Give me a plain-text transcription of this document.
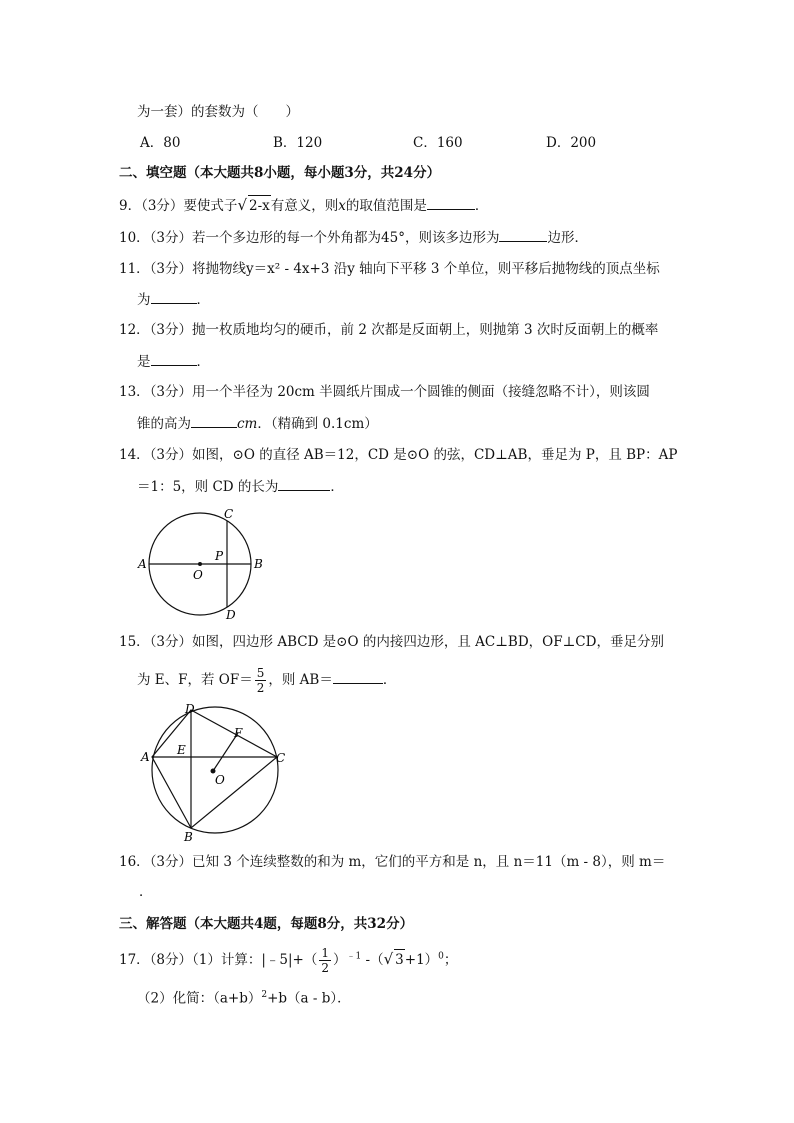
为一套）的套数为（　　）
A．80	B．120	C．160	D．200
二、填空题（本大题共8小题，每小题3分，共24分）
9．（3分）要使式子√ 2-x有意义，则x的取值范围是	．
10．（3分）若一个多边形的每一个外角都为45°，则该多边形为	边形．
11．（3分）将抛物线y＝x² - 4x+3 沿y 轴向下平移 3 个单位，则平移后抛物线的顶点坐标
为	．
12．（3分）抛一枚质地均匀的硬币，前 2 次都是反面朝上，则抛第 3 次时反面朝上的概率
是	．
13．（3分）用一个半径为 20cm 半圆纸片围成一个圆锥的侧面（接缝忽略不计），则该圆
锥的高为	cm．（精确到 0.1cm）
14．（3分）如图，⊙O 的直径 AB＝12，CD 是⊙O 的弦，CD⊥AB，垂足为 P，且 BP：AP
＝1：5，则 CD 的长为	．
A	B
C
D
O
P
15．（3分）如图，四边形 ABCD 是⊙O 的内接四边形，且 AC⊥BD，OF⊥CD，垂足分别
为 E、F，若 $OF= \frac{5}{2}$ ，则 AB＝	．
A
B
C
D
E
F
O
16．（3分）已知 3 个连续整数的和为 m，它们的平方和是 n，且 n＝11（m - 8），则 m＝
．
三、解答题（本大题共4题，每题8分，共32分）
17．（8分）（1）计算：|﹣5|+（ $\frac{1}{2} )^{﹣1}$ -（√ 3+1）$^0$；
（2）化简：$(a+b)^2+b(a - b)$．
